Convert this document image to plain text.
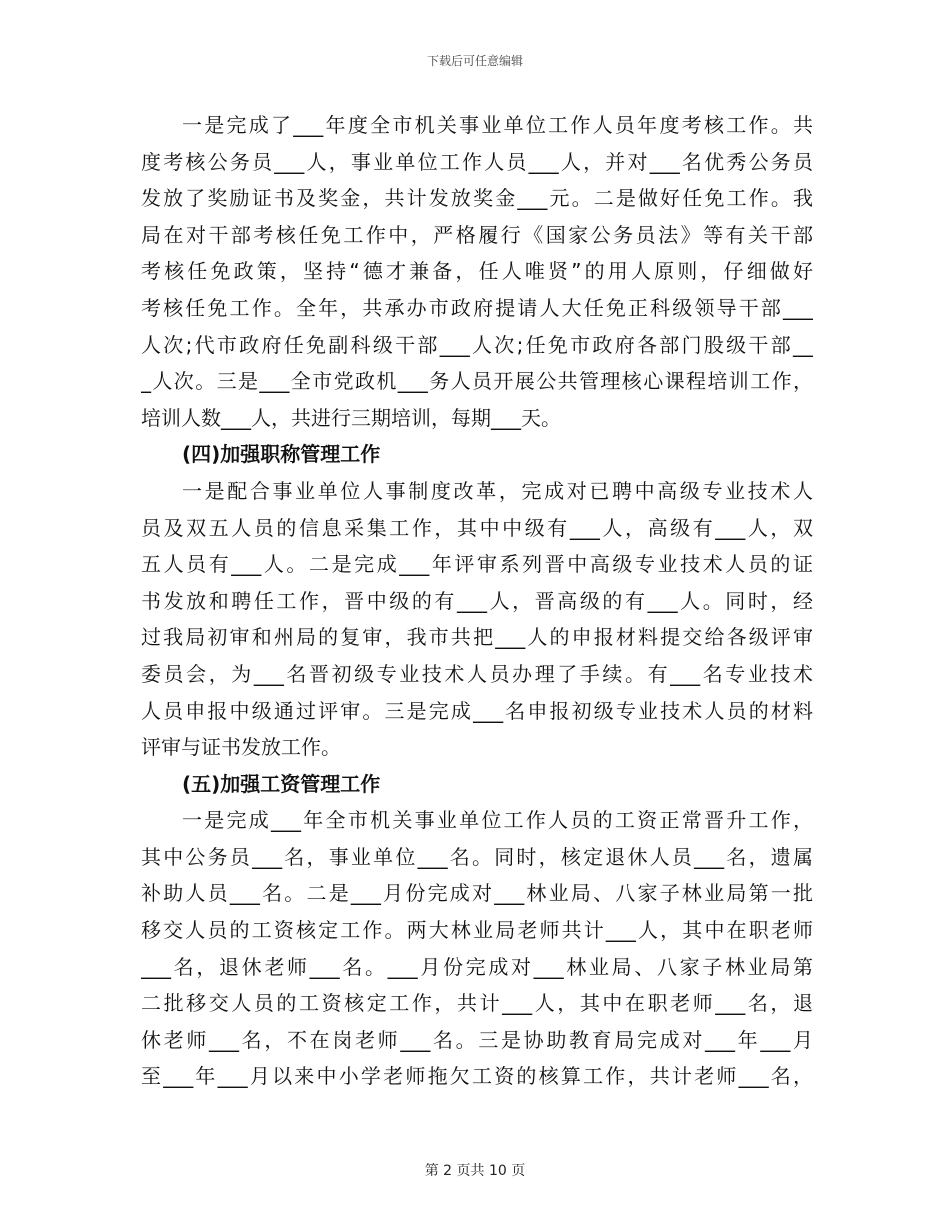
下载后可任意编辑
一是完成了___年度全市机关事业单位工作人员年度考核工作。共
度考核公务员___人，事业单位工作人员___人，并对___名优秀公务员
发放了奖励证书及奖金，共计发放奖金___元。二是做好任免工作。我
局在对干部考核任免工作中，严格履行《国家公务员法》等有关干部
考核任免政策，坚持“德才兼备，任人唯贤”的用人原则，仔细做好
考核任免工作。全年，共承办市政府提请人大任免正科级领导干部___
人次;代市政府任免副科级干部___人次;任免市政府各部门股级干部__
_人次。三是___全市党政机___务人员开展公共管理核心课程培训工作，
培训人数___人，共进行三期培训，每期___天。
(四)加强职称管理工作
一是配合事业单位人事制度改革，完成对已聘中高级专业技术人
员及双五人员的信息采集工作，其中中级有___人，高级有___人，双
五人员有___人。二是完成___年评审系列晋中高级专业技术人员的证
书发放和聘任工作，晋中级的有___人，晋高级的有___人。同时，经
过我局初审和州局的复审，我市共把___人的申报材料提交给各级评审
委员会，为___名晋初级专业技术人员办理了手续。有___名专业技术
人员申报中级通过评审。三是完成___名申报初级专业技术人员的材料
评审与证书发放工作。
(五)加强工资管理工作
一是完成___年全市机关事业单位工作人员的工资正常晋升工作，
其中公务员___名，事业单位___名。同时，核定退休人员___名，遗属
补助人员___名。二是___月份完成对___林业局、八家子林业局第一批
移交人员的工资核定工作。两大林业局老师共计___人，其中在职老师
___名，退休老师___名。___月份完成对___林业局、八家子林业局第
二批移交人员的工资核定工作，共计___人，其中在职老师___名，退
休老师___名，不在岗老师___名。三是协助教育局完成对___年___月
至___年___月以来中小学老师拖欠工资的核算工作，共计老师___名，
第 2 页共 10 页
